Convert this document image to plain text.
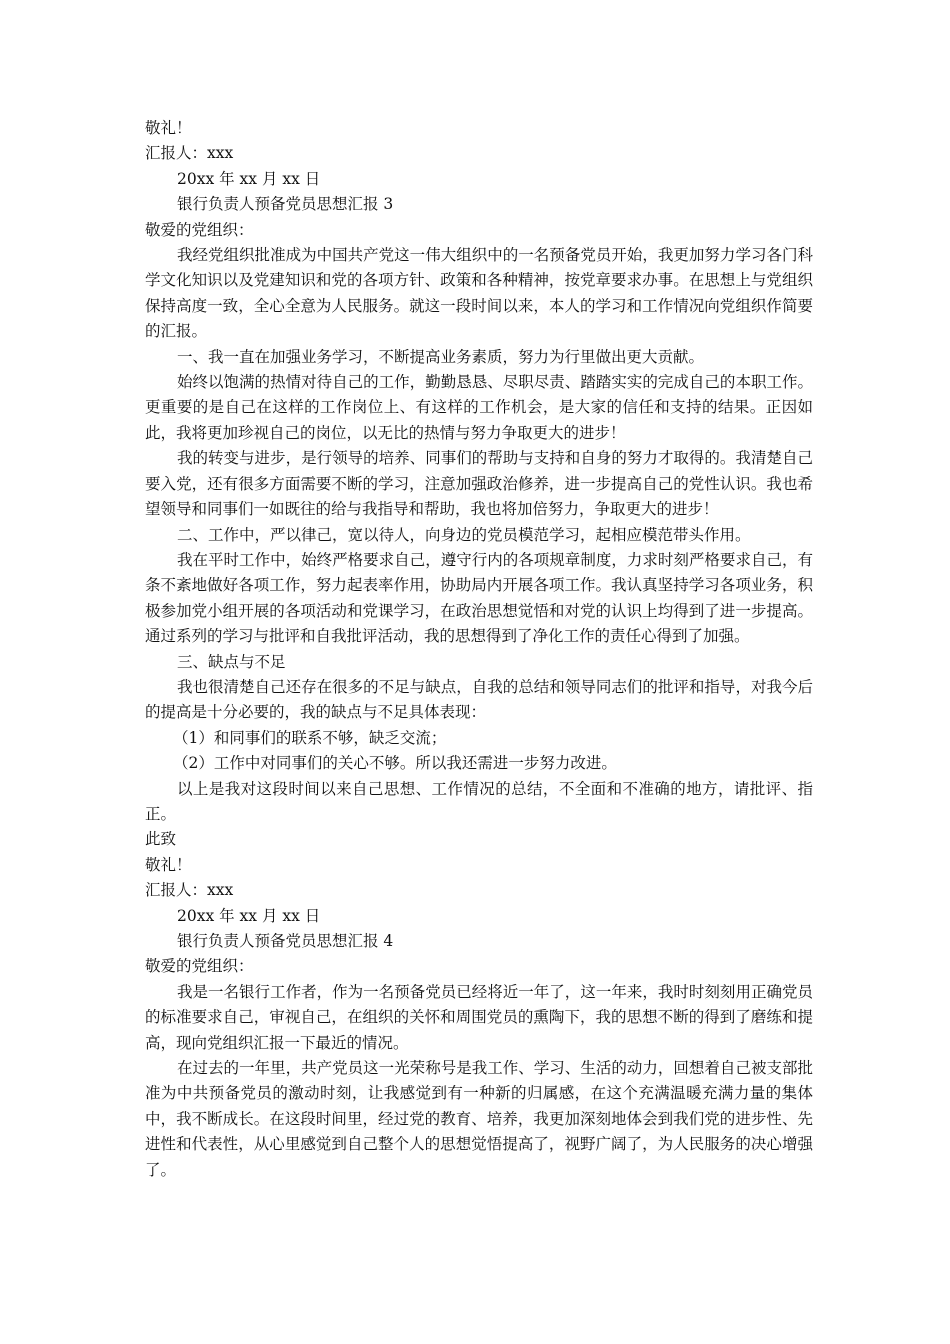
敬礼！

汇报人：xxx

20xx 年 xx 月 xx 日

银行负责人预备党员思想汇报 3

敬爱的党组织：

我经党组织批准成为中国共产党这一伟大组织中的一名预备党员开始，我更加努力学习各门科学文化知识以及党建知识和党的各项方针、政策和各种精神，按党章要求办事。在思想上与党组织保持高度一致，全心全意为人民服务。就这一段时间以来，本人的学习和工作情况向党组织作简要的汇报。

一、我一直在加强业务学习，不断提高业务素质，努力为行里做出更大贡献。

始终以饱满的热情对待自己的工作，勤勤恳恳、尽职尽责、踏踏实实的完成自己的本职工作。更重要的是自己在这样的工作岗位上、有这样的工作机会，是大家的信任和支持的结果。正因如此，我将更加珍视自己的岗位，以无比的热情与努力争取更大的进步！

我的转变与进步，是行领导的培养、同事们的帮助与支持和自身的努力才取得的。我清楚自己要入党，还有很多方面需要不断的学习，注意加强政治修养，进一步提高自己的党性认识。我也希望领导和同事们一如既往的给与我指导和帮助，我也将加倍努力，争取更大的进步！

二、工作中，严以律己，宽以待人，向身边的党员模范学习，起相应模范带头作用。

我在平时工作中，始终严格要求自己，遵守行内的各项规章制度，力求时刻严格要求自己，有条不紊地做好各项工作，努力起表率作用，协助局内开展各项工作。我认真坚持学习各项业务，积极参加党小组开展的各项活动和党课学习，在政治思想觉悟和对党的认识上均得到了进一步提高。通过系列的学习与批评和自我批评活动，我的思想得到了净化工作的责任心得到了加强。

三、缺点与不足

我也很清楚自己还存在很多的不足与缺点，自我的总结和领导同志们的批评和指导，对我今后的提高是十分必要的，我的缺点与不足具体表现：

（1）和同事们的联系不够，缺乏交流；

（2）工作中对同事们的关心不够。所以我还需进一步努力改进。

以上是我对这段时间以来自己思想、工作情况的总结，不全面和不准确的地方，请批评、指正。

此致

敬礼！

汇报人：xxx

20xx 年 xx 月 xx 日

银行负责人预备党员思想汇报 4

敬爱的党组织：

我是一名银行工作者，作为一名预备党员已经将近一年了，这一年来，我时时刻刻用正确党员的标准要求自己，审视自己，在组织的关怀和周围党员的熏陶下，我的思想不断的得到了磨练和提高，现向党组织汇报一下最近的情况。

在过去的一年里，共产党员这一光荣称号是我工作、学习、生活的动力，回想着自己被支部批准为中共预备党员的激动时刻，让我感觉到有一种新的归属感，在这个充满温暖充满力量的集体中，我不断成长。在这段时间里，经过党的教育、培养，我更加深刻地体会到我们党的进步性、先进性和代表性，从心里感觉到自己整个人的思想觉悟提高了，视野广阔了，为人民服务的决心增强了。
